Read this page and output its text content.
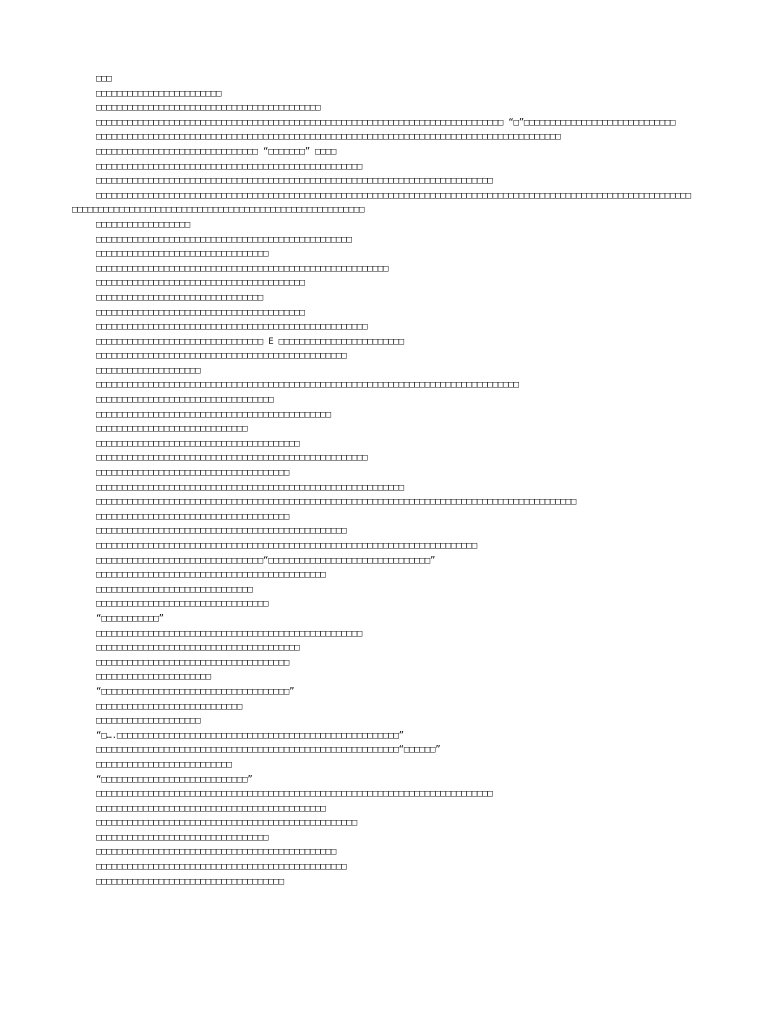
□□□

□□□□□□□□□□□□□□□□□□□□□□□□

□□□□□□□□□□□□□□□□□□□□□□□□□□□□□□□□□□□□□□□□□□□

□□□□□□□□□□□□□□□□□□□□□□□□□□□□□□□□□□□□□□□□□□□□□□□□□□□□□□□□□□□□□□□□□□□□□□□□□□□□□□ “□”□□□□□□□□□□□□□□□□□□□□□□□□□□□□□

□□□□□□□□□□□□□□□□□□□□□□□□□□□□□□□□□□□□□□□□□□□□□□□□□□□□□□□□□□□□□□□□□□□□□□□□□□□□□□□□□□□□□□□□□

□□□□□□□□□□□□□□□□□□□□□□□□□□□□□□□ “□□□□□□□” □□□□

□□□□□□□□□□□□□□□□□□□□□□□□□□□□□□□□□□□□□□□□□□□□□□□□□□□

□□□□□□□□□□□□□□□□□□□□□□□□□□□□□□□□□□□□□□□□□□□□□□□□□□□□□□□□□□□□□□□□□□□□□□□□□□□□

□□□□□□□□□□□□□□□□□□□□□□□□□□□□□□□□□□□□□□□□□□□□□□□□□□□□□□□□□□□□□□□□□□□□□□□□□□□□□□□□□□□□□□□□□□□□□□□□□□□□□□□□□□□□□□□□□□□□□□□□□□□□□□□□□□□□□□□□□□□□□□□□□□□□□□□□□□□□□□□□□□□□□□□□□□

□□□□□□□□□□□□□□□□□□

□□□□□□□□□□□□□□□□□□□□□□□□□□□□□□□□□□□□□□□□□□□□□□□□□

□□□□□□□□□□□□□□□□□□□□□□□□□□□□□□□□□

□□□□□□□□□□□□□□□□□□□□□□□□□□□□□□□□□□□□□□□□□□□□□□□□□□□□□□□□

□□□□□□□□□□□□□□□□□□□□□□□□□□□□□□□□□□□□□□□□

□□□□□□□□□□□□□□□□□□□□□□□□□□□□□□□□

□□□□□□□□□□□□□□□□□□□□□□□□□□□□□□□□□□□□□□□□

□□□□□□□□□□□□□□□□□□□□□□□□□□□□□□□□□□□□□□□□□□□□□□□□□□□□

□□□□□□□□□□□□□□□□□□□□□□□□□□□□□□□□ E □□□□□□□□□□□□□□□□□□□□□□□□

□□□□□□□□□□□□□□□□□□□□□□□□□□□□□□□□□□□□□□□□□□□□□□□□

□□□□□□□□□□□□□□□□□□□□

□□□□□□□□□□□□□□□□□□□□□□□□□□□□□□□□□□□□□□□□□□□□□□□□□□□□□□□□□□□□□□□□□□□□□□□□□□□□□□□□□

□□□□□□□□□□□□□□□□□□□□□□□□□□□□□□□□□□

□□□□□□□□□□□□□□□□□□□□□□□□□□□□□□□□□□□□□□□□□□□□□

□□□□□□□□□□□□□□□□□□□□□□□□□□□□□

□□□□□□□□□□□□□□□□□□□□□□□□□□□□□□□□□□□□□□□

□□□□□□□□□□□□□□□□□□□□□□□□□□□□□□□□□□□□□□□□□□□□□□□□□□□□

□□□□□□□□□□□□□□□□□□□□□□□□□□□□□□□□□□□□□

□□□□□□□□□□□□□□□□□□□□□□□□□□□□□□□□□□□□□□□□□□□□□□□□□□□□□□□□□□□

□□□□□□□□□□□□□□□□□□□□□□□□□□□□□□□□□□□□□□□□□□□□□□□□□□□□□□□□□□□□□□□□□□□□□□□□□□□□□□□□□□□□□□□□□□□□

□□□□□□□□□□□□□□□□□□□□□□□□□□□□□□□□□□□□□

□□□□□□□□□□□□□□□□□□□□□□□□□□□□□□□□□□□□□□□□□□□□□□□□

□□□□□□□□□□□□□□□□□□□□□□□□□□□□□□□□□□□□□□□□□□□□□□□□□□□□□□□□□□□□□□□□□□□□□□□□□

□□□□□□□□□□□□□□□□□□□□□□□□□□□□□□□□“□□□□□□□□□□□□□□□□□□□□□□□□□□□□□□□”

□□□□□□□□□□□□□□□□□□□□□□□□□□□□□□□□□□□□□□□□□□□□

□□□□□□□□□□□□□□□□□□□□□□□□□□□□□□

□□□□□□□□□□□□□□□□□□□□□□□□□□□□□□□□□

“□□□□□□□□□□□”

□□□□□□□□□□□□□□□□□□□□□□□□□□□□□□□□□□□□□□□□□□□□□□□□□□□

□□□□□□□□□□□□□□□□□□□□□□□□□□□□□□□□□□□□□□□

□□□□□□□□□□□□□□□□□□□□□□□□□□□□□□□□□□□□□

□□□□□□□□□□□□□□□□□□□□□□

“□□□□□□□□□□□□□□□□□□□□□□□□□□□□□□□□□□□□”

□□□□□□□□□□□□□□□□□□□□□□□□□□□□

□□□□□□□□□□□□□□□□□□□□

“□….□□□□□□□□□□□□□□□□□□□□□□□□□□□□□□□□□□□□□□□□□□□□□□□□□□□□□□”

□□□□□□□□□□□□□□□□□□□□□□□□□□□□□□□□□□□□□□□□□□□□□□□□□□□□□□□□□□“□□□□□□”

□□□□□□□□□□□□□□□□□□□□□□□□□□

“□□□□□□□□□□□□□□□□□□□□□□□□□□□□”

□□□□□□□□□□□□□□□□□□□□□□□□□□□□□□□□□□□□□□□□□□□□□□□□□□□□□□□□□□□□□□□□□□□□□□□□□□□□

□□□□□□□□□□□□□□□□□□□□□□□□□□□□□□□□□□□□□□□□□□□□

□□□□□□□□□□□□□□□□□□□□□□□□□□□□□□□□□□□□□□□□□□□□□□□□□□

□□□□□□□□□□□□□□□□□□□□□□□□□□□□□□□□□

□□□□□□□□□□□□□□□□□□□□□□□□□□□□□□□□□□□□□□□□□□□□□□

□□□□□□□□□□□□□□□□□□□□□□□□□□□□□□□□□□□□□□□□□□□□□□□□

□□□□□□□□□□□□□□□□□□□□□□□□□□□□□□□□□□□□
